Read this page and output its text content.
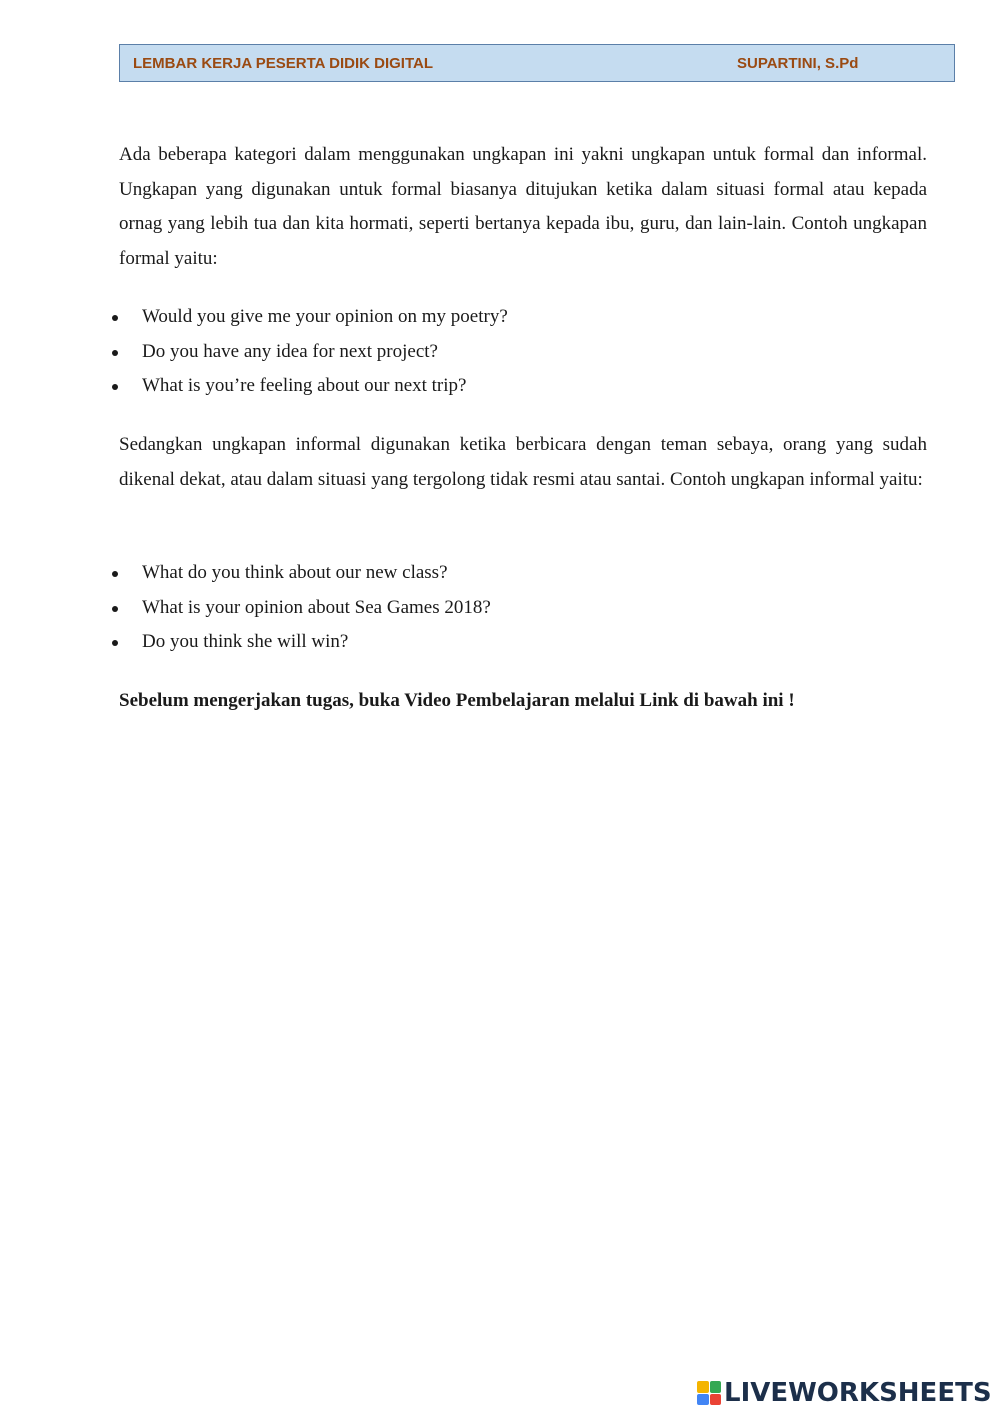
LEMBAR KERJA PESERTA DIDIK DIGITAL	SUPARTINI, S.Pd

Ada beberapa kategori dalam menggunakan ungkapan ini yakni ungkapan untuk formal dan informal. Ungkapan yang digunakan untuk formal biasanya ditujukan ketika dalam situasi formal atau kepada ornag yang lebih tua dan kita hormati, seperti bertanya kepada ibu, guru, dan lain-lain. Contoh ungkapan formal yaitu:

Would you give me your opinion on my poetry?
Do you have any idea for next project?
What is you’re feeling about our next trip?

Sedangkan ungkapan informal digunakan ketika berbicara dengan teman sebaya, orang yang sudah dikenal dekat, atau dalam situasi yang tergolong tidak resmi atau santai. Contoh ungkapan informal yaitu:

What do you think about our new class?
What is your opinion about Sea Games 2018?
Do you think she will win?

Sebelum mengerjakan tugas, buka Video Pembelajaran melalui Link di bawah ini !

LIVEWORKSHEETS
